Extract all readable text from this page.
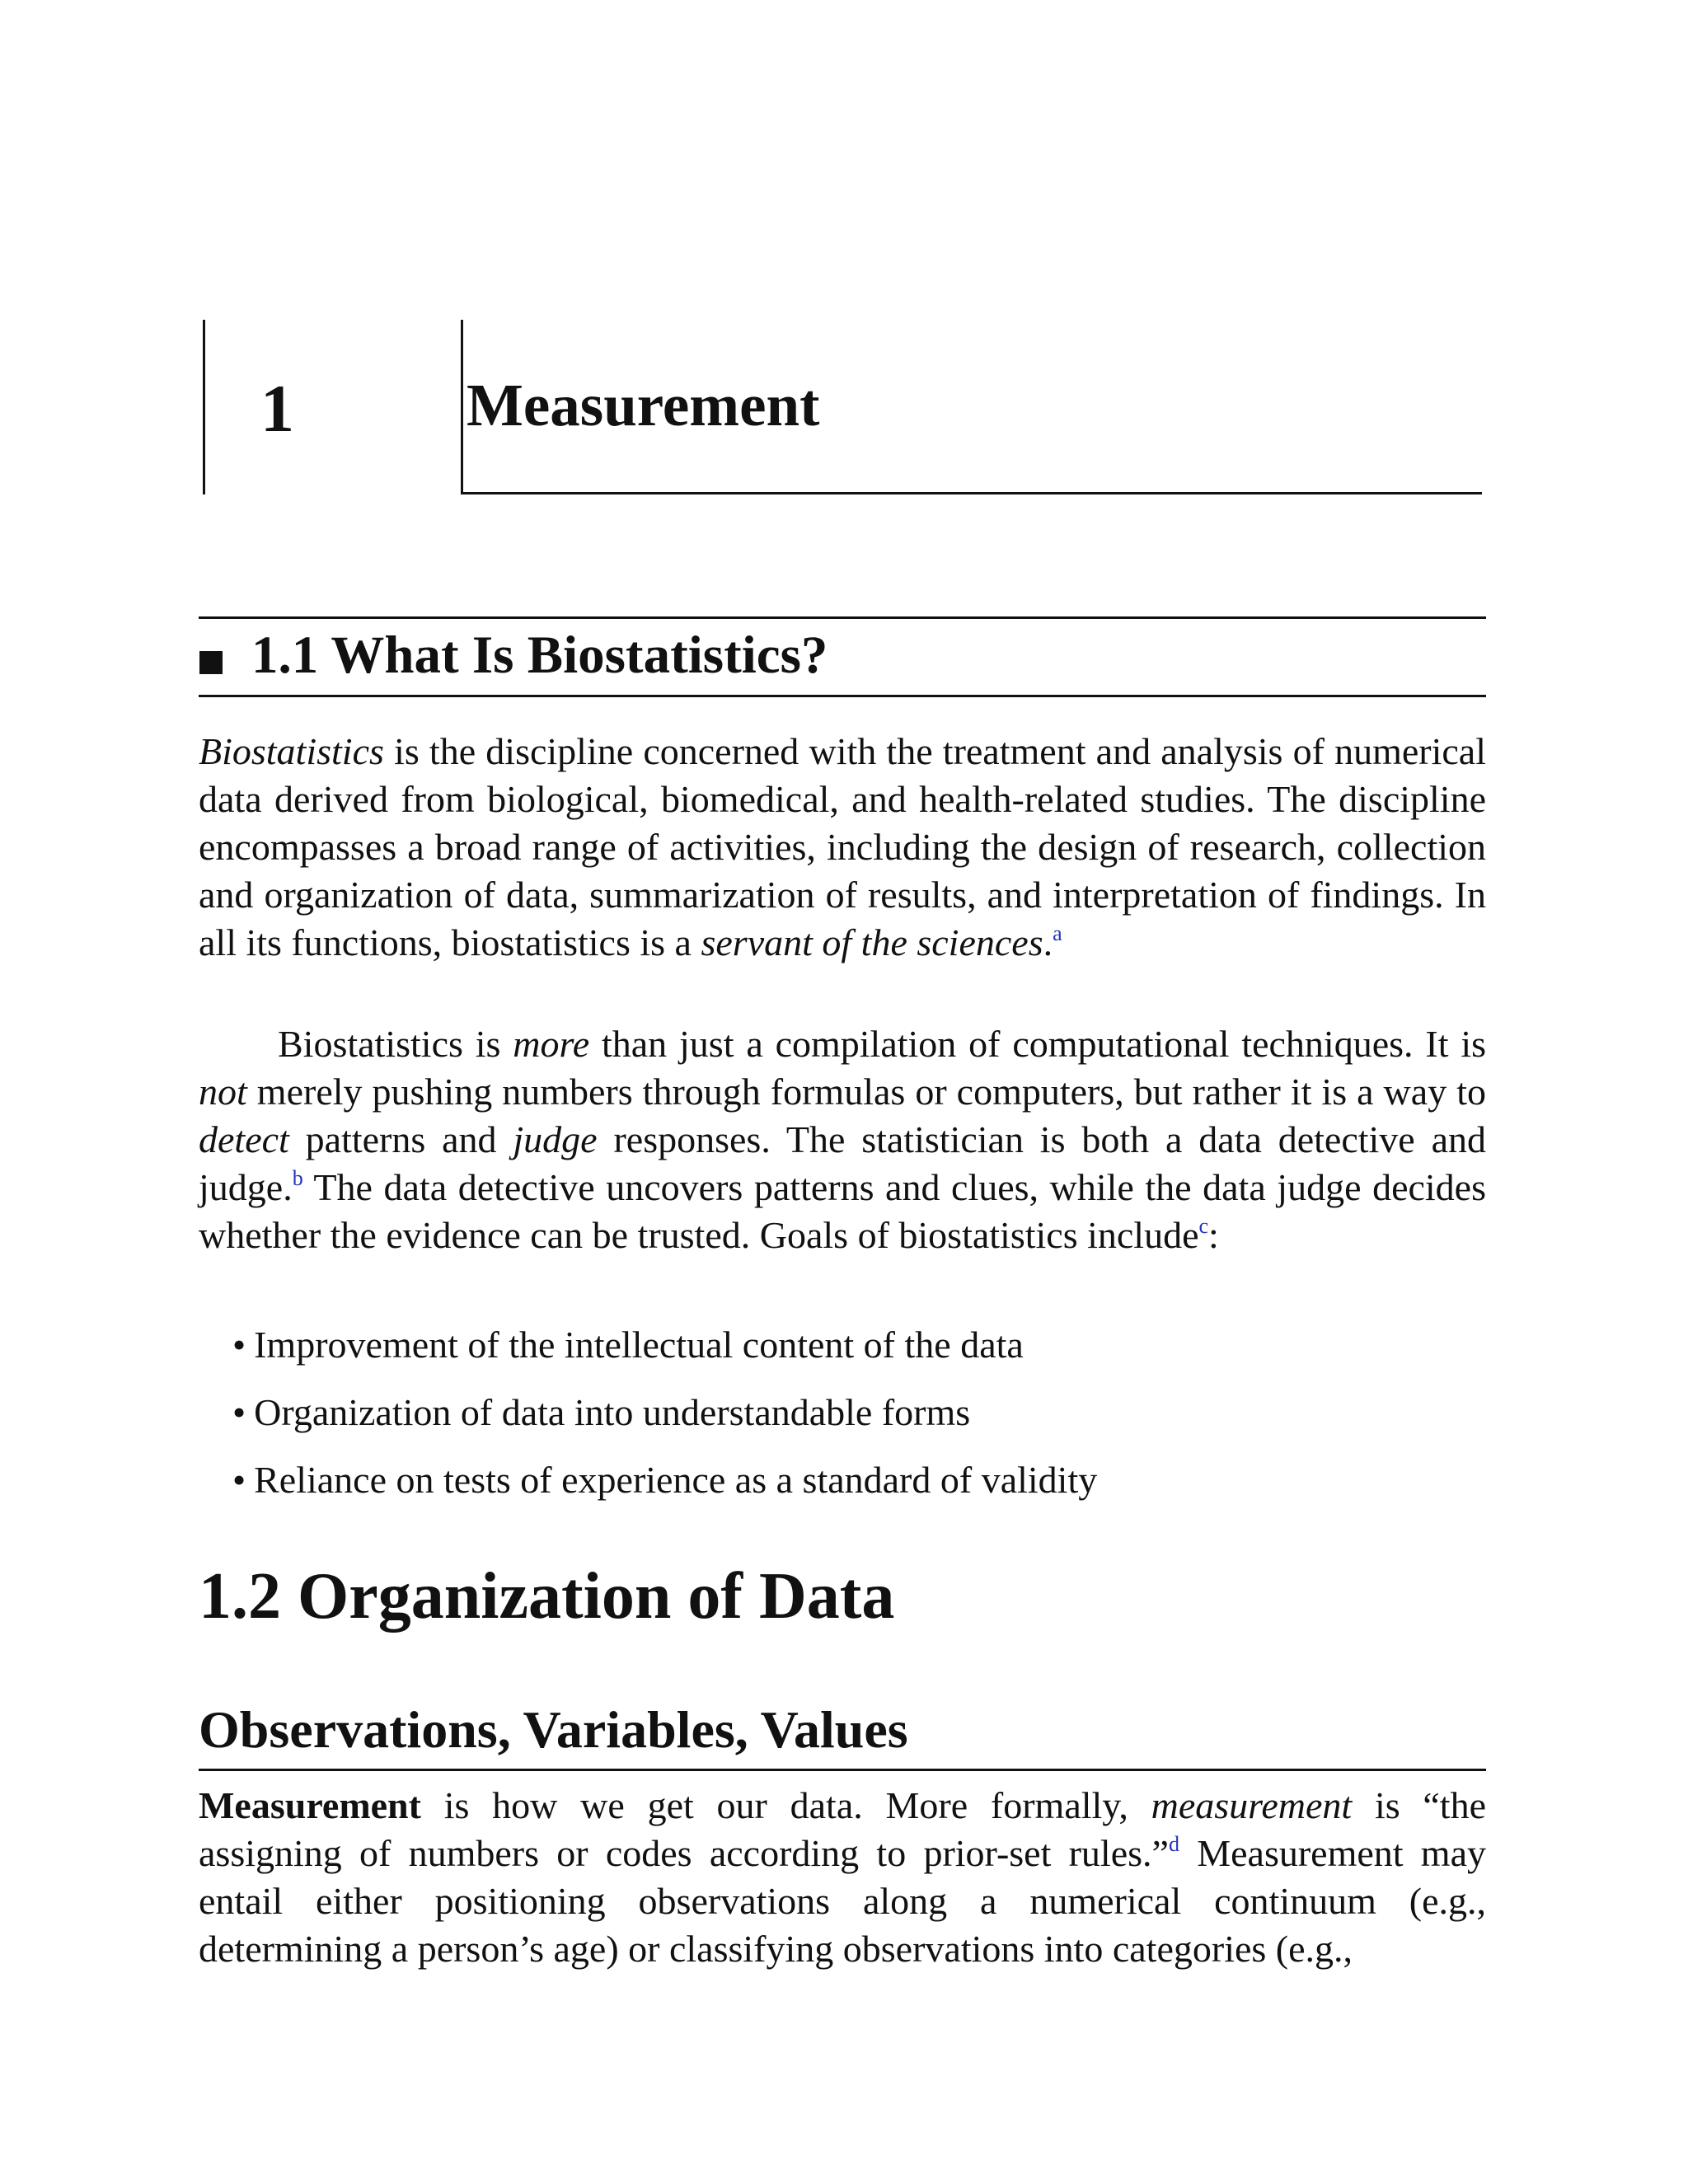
1	Measurement
1.1 What Is Biostatistics?

Biostatistics is the discipline concerned with the treatment and analysis of numerical data derived from biological, biomedical, and health-related studies. The discipline encompasses a broad range of activities, including the design of research, collection and organization of data, summarization of results, and interpretation of findings. In all its functions, biostatistics is a servant of the sciences.$^a$

Biostatistics is more than just a compilation of computational techniques. It is not merely pushing numbers through formulas or computers, but rather it is a way to detect patterns and judge responses. The statistician is both a data detective and judge.$^b$ The data detective uncovers patterns and clues, while the data judge decides whether the evidence can be trusted. Goals of biostatistics include$^c$:

• Improvement of the intellectual content of the data
• Organization of data into understandable forms
• Reliance on tests of experience as a standard of validity
1.2 Organization of Data
Observations, Variables, Values

Measurement is how we get our data. More formally, measurement is “the assigning of numbers or codes according to prior-set rules.”$^d$ Measurement may entail either positioning observations along a numerical continuum (e.g., determining a person’s age) or classifying observations into categories (e.g.,
